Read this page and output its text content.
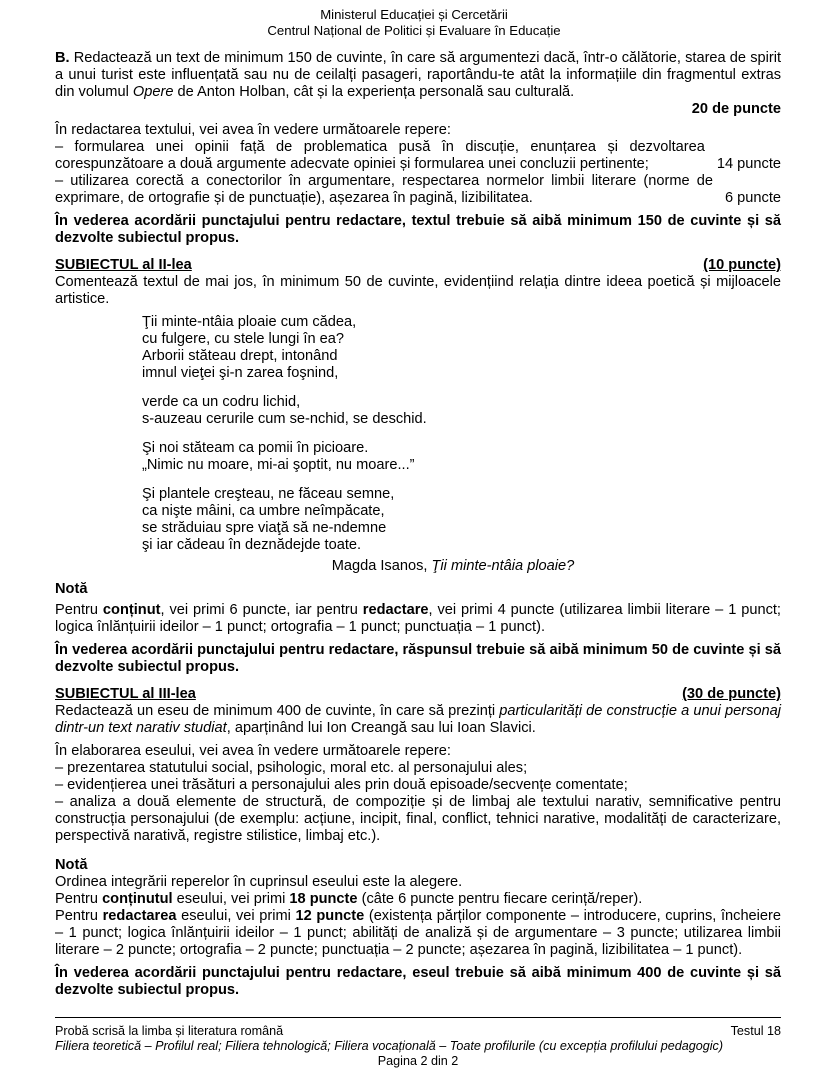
Ministerul Educației și Cercetării
Centrul Național de Politici și Evaluare în Educație
B. Redactează un text de minimum 150 de cuvinte, în care să argumentezi dacă, într-o călătorie, starea de spirit a unui turist este influențată sau nu de ceilalți pasageri, raportându-te atât la informațiile din fragmentul extras din volumul Opere de Anton Holban, cât și la experiența personală sau culturală.
20 de puncte
În redactarea textului, vei avea în vedere următoarele repere:
– formularea unei opinii față de problematica pusă în discuție, enunțarea și dezvoltarea corespunzătoare a două argumente adecvate opiniei și formularea unei concluzii pertinente;	14 puncte
– utilizarea corectă a conectorilor în argumentare, respectarea normelor limbii literare (norme de exprimare, de ortografie și de punctuație), așezarea în pagină, lizibilitatea.	6 puncte
În vederea acordării punctajului pentru redactare, textul trebuie să aibă minimum 150 de cuvinte și să dezvolte subiectul propus.
SUBIECTUL al II-lea	(10 puncte)
Comentează textul de mai jos, în minimum 50 de cuvinte, evidențiind relația dintre ideea poetică și mijloacele artistice.
Ţii minte-ntâia ploaie cum cădea,
cu fulgere, cu stele lungi în ea?
Arborii stăteau drept, intonând
imnul vieţei şi-n zarea foşnind,
verde ca un codru lichid,
s-auzeau cerurile cum se-nchid, se deschid.
Şi noi stăteam ca pomii în picioare.
„Nimic nu moare, mi-ai şoptit, nu moare...”
Şi plantele creşteau, ne făceau semne,
ca nişte mâini, ca umbre neîmpăcate,
se străduiau spre viaţă să ne-ndemne
şi iar cădeau în deznădejde toate.
Magda Isanos, Ţii minte-ntâia ploaie?
Notă
Pentru conținut, vei primi 6 puncte, iar pentru redactare, vei primi 4 puncte (utilizarea limbii literare – 1 punct; logica înlănțuirii ideilor – 1 punct; ortografia – 1 punct; punctuația – 1 punct).
În vederea acordării punctajului pentru redactare, răspunsul trebuie să aibă minimum 50 de cuvinte și să dezvolte subiectul propus.
SUBIECTUL al III-lea	(30 de puncte)
Redactează un eseu de minimum 400 de cuvinte, în care să prezinți particularități de construcție a unui personaj dintr-un text narativ studiat, aparținând lui Ion Creangă sau lui Ioan Slavici.
În elaborarea eseului, vei avea în vedere următoarele repere:
– prezentarea statutului social, psihologic, moral etc. al personajului ales;
– evidențierea unei trăsături a personajului ales prin două episoade/secvențe comentate;
– analiza a două elemente de structură, de compoziție și de limbaj ale textului narativ, semnificative pentru construcția personajului (de exemplu: acțiune, incipit, final, conflict, tehnici narative, modalități de caracterizare, perspectivă narativă, registre stilistice, limbaj etc.).
Notă
Ordinea integrării reperelor în cuprinsul eseului este la alegere.
Pentru conținutul eseului, vei primi 18 puncte (câte 6 puncte pentru fiecare cerință/reper).
Pentru redactarea eseului, vei primi 12 puncte (existența părților componente – introducere, cuprins, încheiere – 1 punct; logica înlănțuirii ideilor – 1 punct; abilități de analiză și de argumentare – 3 puncte; utilizarea limbii literare – 2 puncte; ortografia – 2 puncte; punctuația – 2 puncte; așezarea în pagină, lizibilitatea – 1 punct).
În vederea acordării punctajului pentru redactare, eseul trebuie să aibă minimum 400 de cuvinte și să dezvolte subiectul propus.
Probă scrisă la limba și literatura română	Testul 18
Filiera teoretică – Profilul real; Filiera tehnologică; Filiera vocațională – Toate profilurile (cu excepția profilului pedagogic)
Pagina 2 din 2
